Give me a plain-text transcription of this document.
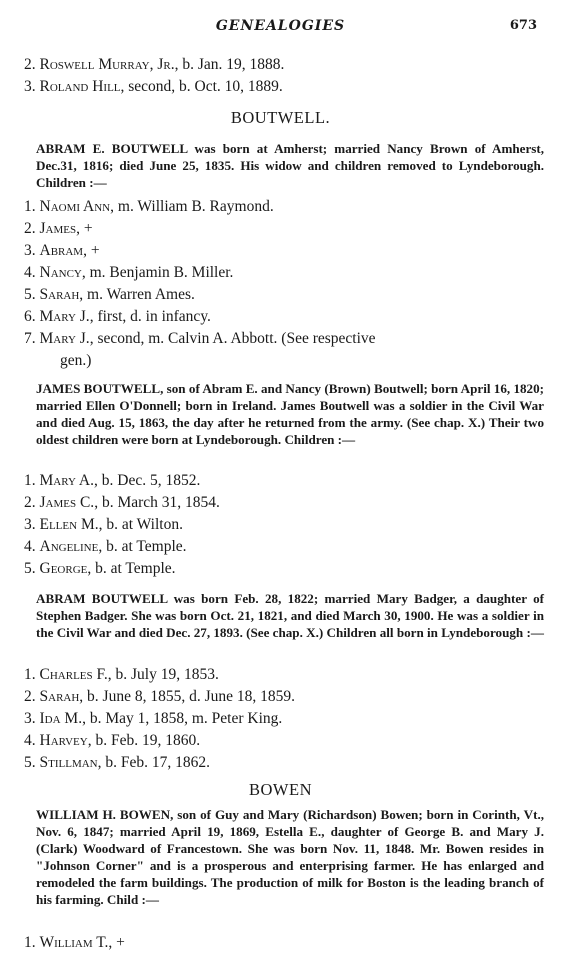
GENEALOGIES	673
2. Roswell Murray, Jr., b. Jan. 19, 1888.
3. Roland Hill, second, b. Oct. 10, 1889.
BOUTWELL.
ABRAM E. BOUTWELL was born at Amherst; married Nancy Brown of Amherst, Dec.31, 1816; died June 25, 1835. His widow and children removed to Lyndeborough. Children :—
1. Naomi Ann, m. William B. Raymond.
2. James, +
3. Abram, +
4. Nancy, m. Benjamin B. Miller.
5. Sarah, m. Warren Ames.
6. Mary J., first, d. in infancy.
7. Mary J., second, m. Calvin A. Abbott. (See respective
gen.)
JAMES BOUTWELL, son of Abram E. and Nancy (Brown) Boutwell; born April 16, 1820; married Ellen O'Donnell; born in Ireland. James Boutwell was a soldier in the Civil War and died Aug. 15, 1863, the day after he returned from the army. (See chap. X.) Their two oldest children were born at Lyndeborough. Children :—
1. Mary A., b. Dec. 5, 1852.
2. James C., b. March 31, 1854.
3. Ellen M., b. at Wilton.
4. Angeline, b. at Temple.
5. George, b. at Temple.
ABRAM BOUTWELL was born Feb. 28, 1822; married Mary Badger, a daughter of Stephen Badger. She was born Oct. 21, 1821, and died March 30, 1900. He was a soldier in the Civil War and died Dec. 27, 1893. (See chap. X.) Children all born in Lyndeborough :—
1. Charles F., b. July 19, 1853.
2. Sarah, b. June 8, 1855, d. June 18, 1859.
3. Ida M., b. May 1, 1858, m. Peter King.
4. Harvey, b. Feb. 19, 1860.
5. Stillman, b. Feb. 17, 1862.
BOWEN
WILLIAM H. BOWEN, son of Guy and Mary (Richardson) Bowen; born in Corinth, Vt., Nov. 6, 1847; married April 19, 1869, Estella E., daughter of George B. and Mary J. (Clark) Woodward of Francestown. She was born Nov. 11, 1848. Mr. Bowen resides in "Johnson Corner" and is a prosperous and enterprising farmer. He has enlarged and remodeled the farm buildings. The production of milk for Boston is the leading branch of his farming. Child :—
1. William T., +
